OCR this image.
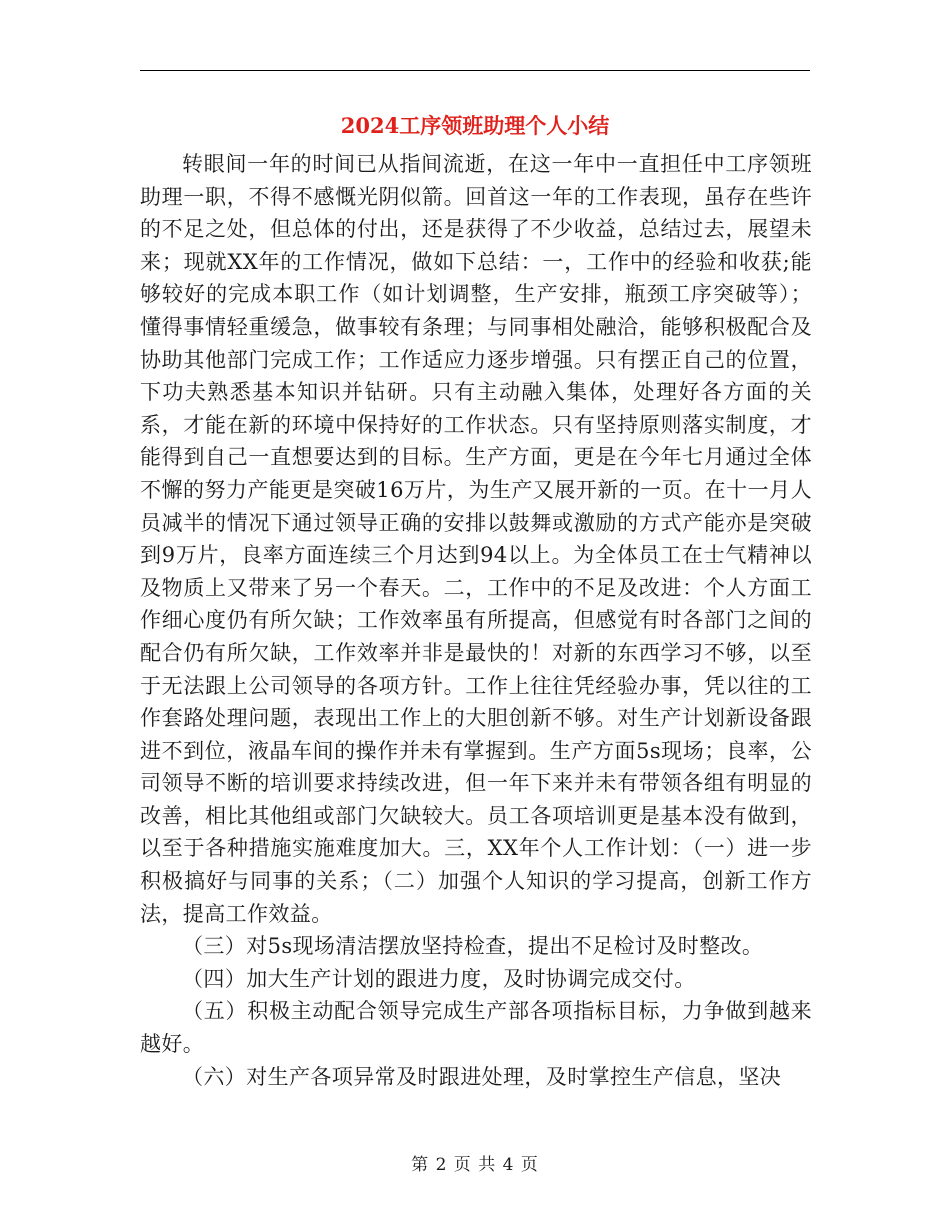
2024工序领班助理个人小结

转眼间一年的时间已从指间流逝，在这一年中一直担任中工序领班助理一职，不得不感慨光阴似箭。回首这一年的工作表现，虽存在些许的不足之处，但总体的付出，还是获得了不少收益，总结过去，展望未来；现就XX年的工作情况，做如下总结：一，工作中的经验和收获;能够较好的完成本职工作（如计划调整，生产安排，瓶颈工序突破等）；懂得事情轻重缓急，做事较有条理；与同事相处融洽，能够积极配合及协助其他部门完成工作；工作适应力逐步增强。只有摆正自己的位置，下功夫熟悉基本知识并钻研。只有主动融入集体，处理好各方面的关系，才能在新的环境中保持好的工作状态。只有坚持原则落实制度，才能得到自己一直想要达到的目标。生产方面，更是在今年七月通过全体不懈的努力产能更是突破16万片，为生产又展开新的一页。在十一月人员减半的情况下通过领导正确的安排以鼓舞或激励的方式产能亦是突破到9万片，良率方面连续三个月达到94以上。为全体员工在士气精神以及物质上又带来了另一个春天。二，工作中的不足及改进：个人方面工作细心度仍有所欠缺；工作效率虽有所提高，但感觉有时各部门之间的配合仍有所欠缺，工作效率并非是最快的！对新的东西学习不够，以至于无法跟上公司领导的各项方针。工作上往往凭经验办事，凭以往的工作套路处理问题，表现出工作上的大胆创新不够。对生产计划新设备跟进不到位，液晶车间的操作并未有掌握到。生产方面5s现场；良率，公司领导不断的培训要求持续改进，但一年下来并未有带领各组有明显的改善，相比其他组或部门欠缺较大。员工各项培训更是基本没有做到，以至于各种措施实施难度加大。三，XX年个人工作计划：（一）进一步积极搞好与同事的关系；（二）加强个人知识的学习提高，创新工作方法，提高工作效益。

（三）对5s现场清洁摆放坚持检查，提出不足检讨及时整改。

（四）加大生产计划的跟进力度，及时协调完成交付。

（五）积极主动配合领导完成生产部各项指标目标，力争做到越来越好。

（六）对生产各项异常及时跟进处理，及时掌控生产信息，坚决

第 2 页 共 4 页
